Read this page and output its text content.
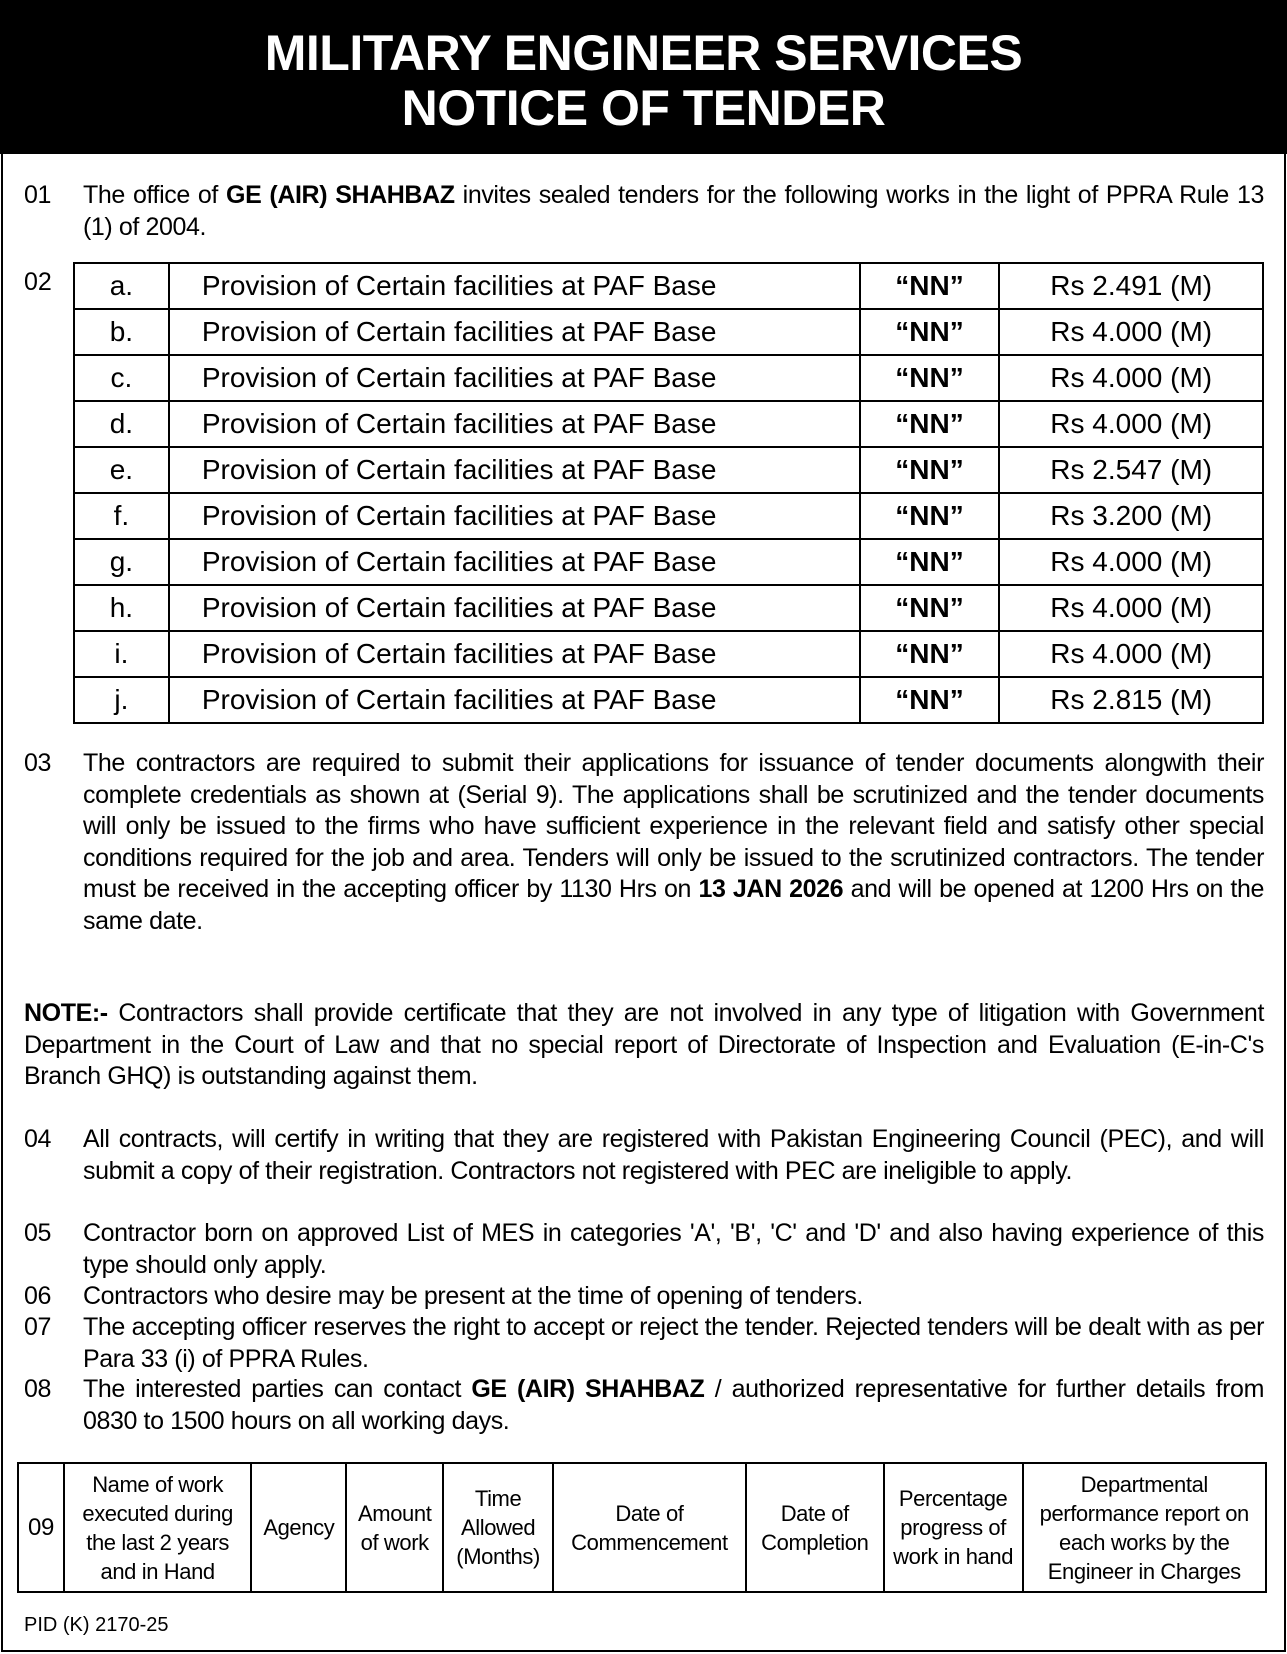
MILITARY ENGINEER SERVICES
NOTICE OF TENDER
01	The office of GE (AIR) SHAHBAZ invites sealed tenders for the following works in the light of PPRA Rule 13 (1) of 2004.
02 a.	Provision of Certain facilities at PAF Base	“NN”	Rs 2.491 (M)
b.	Provision of Certain facilities at PAF Base	“NN”	Rs 4.000 (M)
c.	Provision of Certain facilities at PAF Base	“NN”	Rs 4.000 (M)
d.	Provision of Certain facilities at PAF Base	“NN”	Rs 4.000 (M)
e.	Provision of Certain facilities at PAF Base	“NN”	Rs 2.547 (M)
f.	Provision of Certain facilities at PAF Base	“NN”	Rs 3.200 (M)
g.	Provision of Certain facilities at PAF Base	“NN”	Rs 4.000 (M)
h.	Provision of Certain facilities at PAF Base	“NN”	Rs 4.000 (M)
i.	Provision of Certain facilities at PAF Base	“NN”	Rs 4.000 (M)
j.	Provision of Certain facilities at PAF Base	“NN”	Rs 2.815 (M)
03	The contractors are required to submit their applications for issuance of tender documents alongwith their complete credentials as shown at (Serial 9). The applications shall be scrutinized and the tender documents will only be issued to the firms who have sufficient experience in the relevant field and satisfy other special conditions required for the job and area. Tenders will only be issued to the scrutinized contractors. The tender must be received in the accepting officer by 1130 Hrs on 13 JAN 2026 and will be opened at 1200 Hrs on the same date.
NOTE:- Contractors shall provide certificate that they are not involved in any type of litigation with Government Department in the Court of Law and that no special report of Directorate of Inspection and Evaluation (E-in-C's Branch GHQ) is outstanding against them.
04	All contracts, will certify in writing that they are registered with Pakistan Engineering Council (PEC), and will submit a copy of their registration. Contractors not registered with PEC are ineligible to apply.
05	Contractor born on approved List of MES in categories 'A', 'B', 'C' and 'D' and also having experience of this type should only apply.
06	Contractors who desire may be present at the time of opening of tenders.
07	The accepting officer reserves the right to accept or reject the tender. Rejected tenders will be dealt with as per Para 33 (i) of PPRA Rules.
08	The interested parties can contact GE (AIR) SHAHBAZ / authorized representative for further details from 0830 to 1500 hours on all working days.
09	Name of work executed during the last 2 years and in Hand	Agency	Amount of work	Time Allowed (Months)	Date of Commencement	Date of Completion	Percentage progress of work in hand	Departmental performance report on each works by the Engineer in Charges
PID (K) 2170-25
